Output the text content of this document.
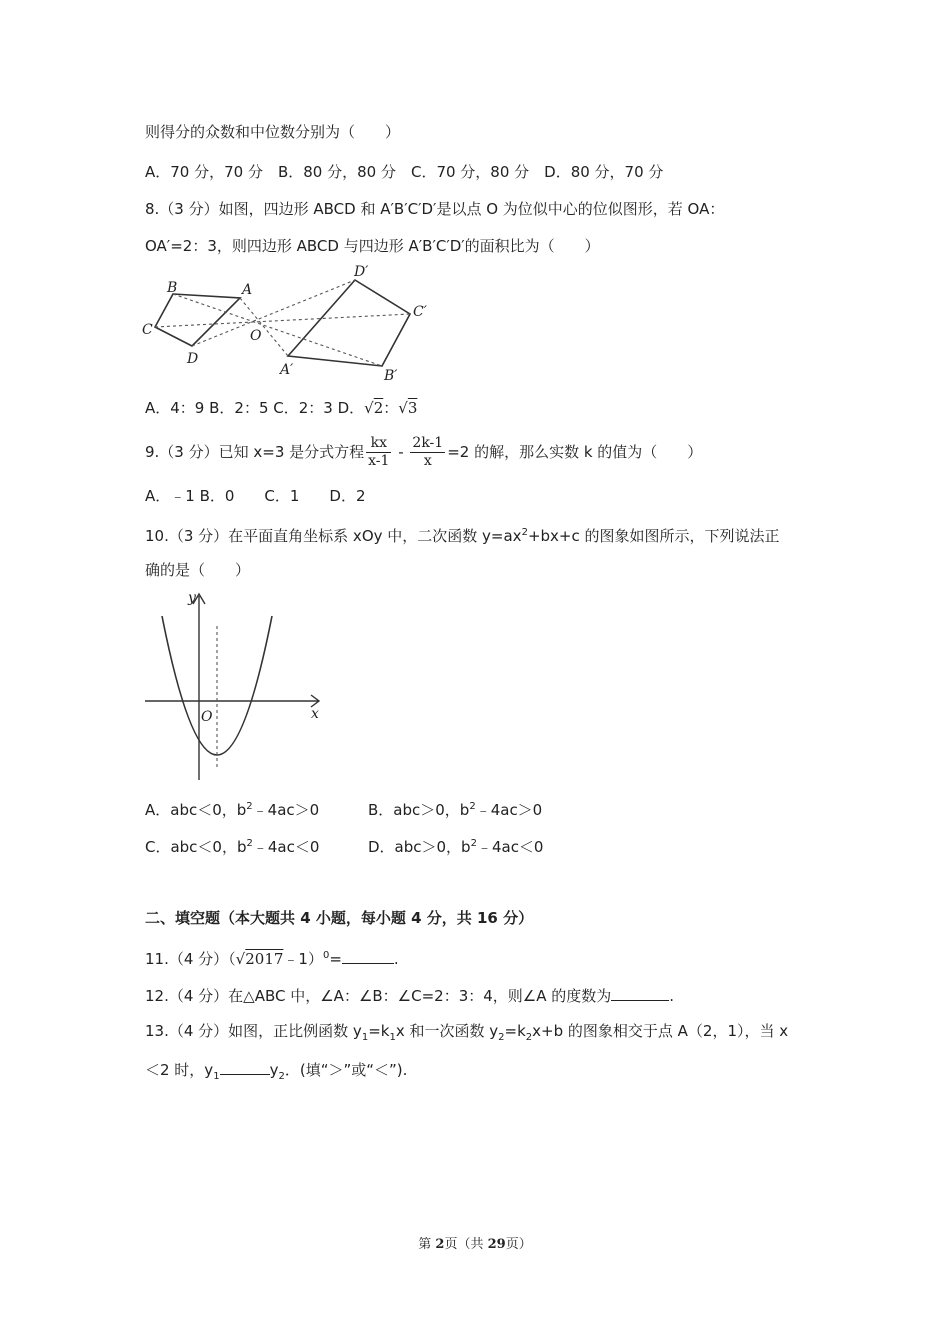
则得分的众数和中位数分别为（　　）
A．70 分，70 分　B．80 分，80 分　C．70 分，80 分　D．80 分，70 分
8.（3 分）如图，四边形 ABCD 和 A′B′C′D′是以点 O 为位似中心的位似图形，若 OA：
OA′=2：3，则四边形 ABCD 与四边形 A′B′C′D′的面积比为（　　）
B	A
C
D
O
D′
C′
A′	B′
A．4：9 B．2：5 C．2：3 D．√2：√3
9.（3 分）已知 x=3 是分式方程 $\frac{kx}{x-1} - \frac{2k-1}{x} =2$ 的解，那么实数 k 的值为（　　）
A．﹣1 B．0　　C．1　　D．2
10.（3 分）在平面直角坐标系 xOy 中，二次函数 $y=ax^2+bx+c$ 的图象如图所示，下列说法正
确的是（　　）
y
x
O
A．abc＜0，$b^2﹣4ac>0$	B．abc＞0，$b^2﹣4ac>0$
C．abc＜0，$b^2﹣4ac<0$	D．abc＞0，$b^2﹣4ac<0$
二、填空题（本大题共 4 小题，每小题 4 分，共 16 分）
11.（4 分）（√2017﹣1）$^0$=	.
12.（4 分）在△ABC 中，∠A：∠B：∠C=2：3：4，则∠A 的度数为	.
13.（4 分）如图，正比例函数 $y_1=k_1x$ 和一次函数 $y_2=k_2x+b$ 的图象相交于点 A（2，1），当 x
＜2 时，$y_1$	$y_2$．(填“＞”或“＜”).
第 2页（共 29页）
